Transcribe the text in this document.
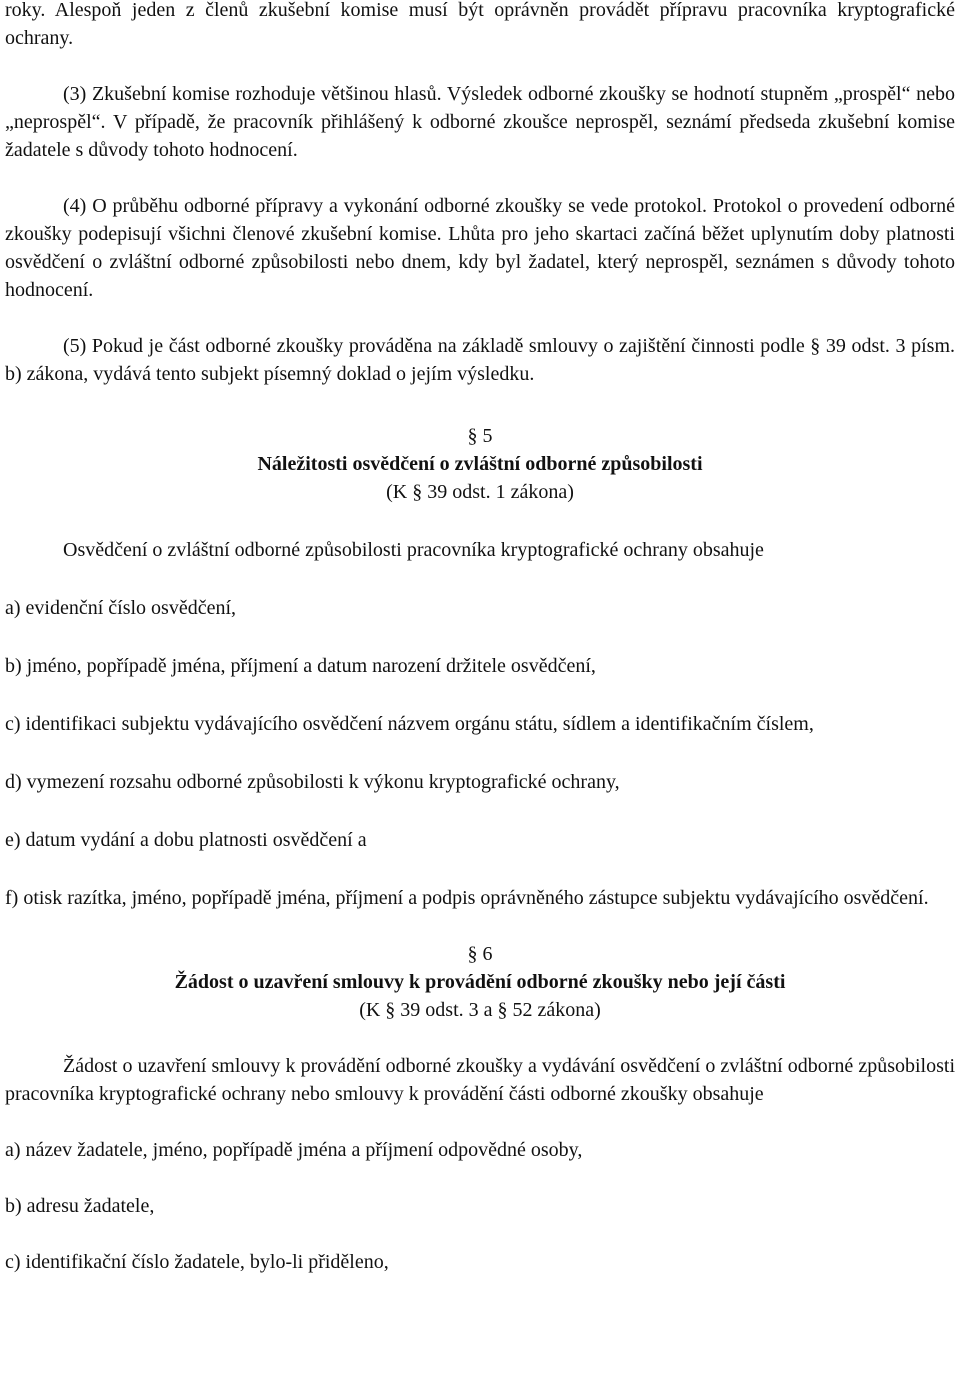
roky. Alespoň jeden z členů zkušební komise musí být oprávněn provádět přípravu pracovníka kryptografické ochrany.

(3) Zkušební komise rozhoduje většinou hlasů. Výsledek odborné zkoušky se hodnotí stupněm „prospěl“ nebo „neprospěl“. V případě, že pracovník přihlášený k odborné zkoušce neprospěl, seznámí předseda zkušební komise žadatele s důvody tohoto hodnocení.

(4) O průběhu odborné přípravy a vykonání odborné zkoušky se vede protokol. Protokol o provedení odborné zkoušky podepisují všichni členové zkušební komise. Lhůta pro jeho skartaci začíná běžet uplynutím doby platnosti osvědčení o zvláštní odborné způsobilosti nebo dnem, kdy byl žadatel, který neprospěl, seznámen s důvody tohoto hodnocení.

(5) Pokud je část odborné zkoušky prováděna na základě smlouvy o zajištění činnosti podle § 39 odst. 3 písm. b) zákona, vydává tento subjekt písemný doklad o jejím výsledku.

§ 5

Náležitosti osvědčení o zvláštní odborné způsobilosti

(K § 39 odst. 1 zákona)

Osvědčení o zvláštní odborné způsobilosti pracovníka kryptografické ochrany obsahuje

a) evidenční číslo osvědčení,

b) jméno, popřípadě jména, příjmení a datum narození držitele osvědčení,

c) identifikaci subjektu vydávajícího osvědčení názvem orgánu státu, sídlem a identifikačním číslem,

d) vymezení rozsahu odborné způsobilosti k výkonu kryptografické ochrany,

e) datum vydání a dobu platnosti osvědčení a

f) otisk razítka, jméno, popřípadě jména, příjmení a podpis oprávněného zástupce subjektu vydávajícího osvědčení.

§ 6

Žádost o uzavření smlouvy k provádění odborné zkoušky nebo její části

(K § 39 odst. 3 a § 52 zákona)

Žádost o uzavření smlouvy k provádění odborné zkoušky a vydávání osvědčení o zvláštní odborné způsobilosti pracovníka kryptografické ochrany nebo smlouvy k provádění části odborné zkoušky obsahuje

a) název žadatele, jméno, popřípadě jména a příjmení odpovědné osoby,

b) adresu žadatele,

c) identifikační číslo žadatele, bylo-li přiděleno,
